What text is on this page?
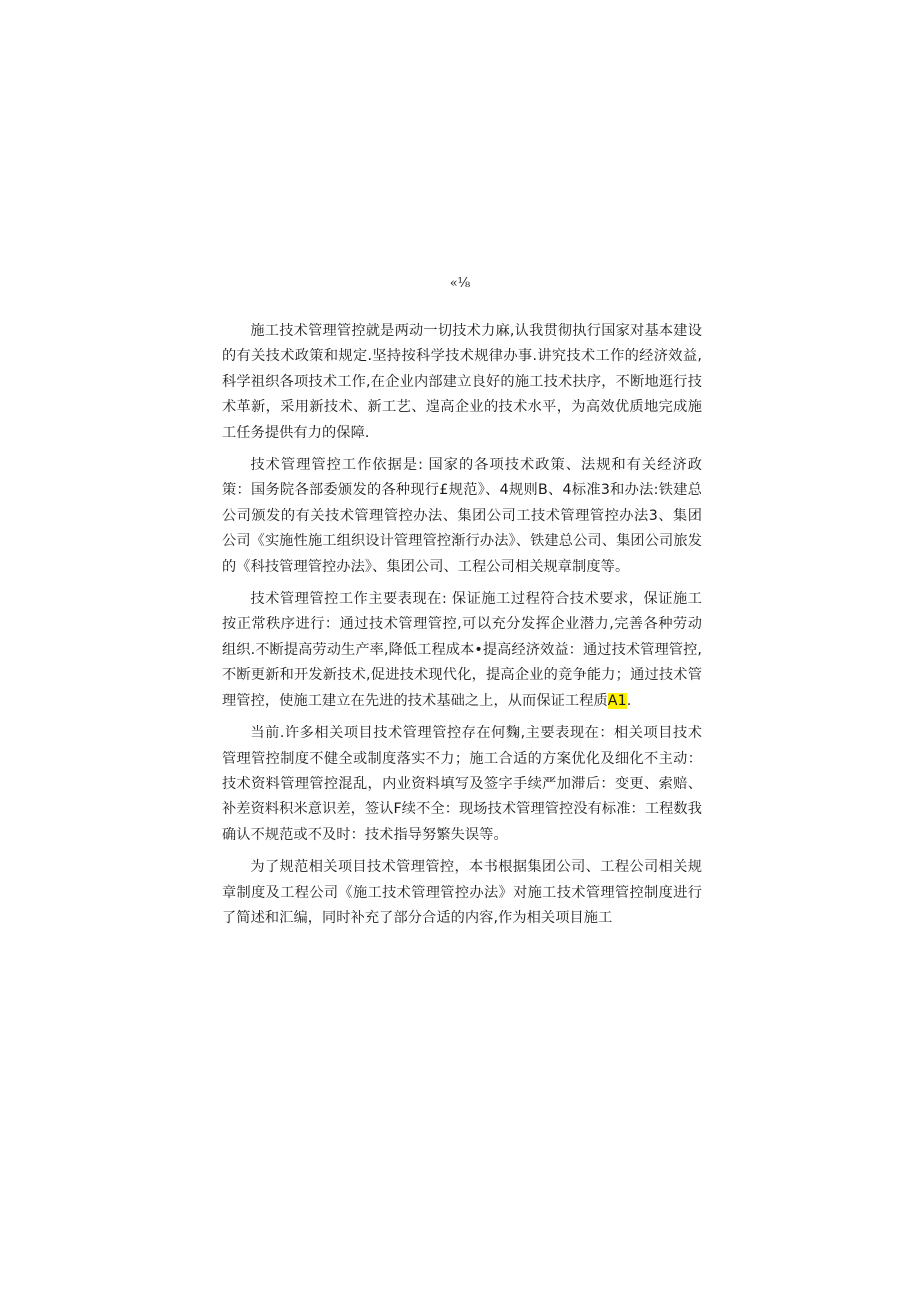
«⅛

施工技术管理管控就是两动一切技术力麻,认我贯彻执行国家对基本建设的有关技术政策和规定.坚持按科学技术规律办事.讲究技术工作的经济效益,科学祖织各项技术工作,在企业内部建立良好的施工技术扶序，不断地逛行技术革新，采用新技术、新工艺、遑高企业的技术水平，为高效优质地完成施工任务提供有力的保障.

技术管理管控工作依据是: 国家的各项技术政策、法规和有关经济政策：国务院各部委颁发的各种现行£规范》、4规则B、4标准3和办法:铁建总公司颁发的有关技术管理管控办法、集团公司工技术管理管控办法3、集团公司《实施性施工组织设计管理管控渐行办法》、铁建总公司、集团公司旅发的《科技管理管控办法》、集团公司、工程公司相关规章制度等。

技术管理管控工作主要表现在: 保证施工过程符合技术要求，保证施工按正常秩序进行：通过技术管理管控,可以充分发挥企业潜力,完善各种劳动组织.不断提高劳动生产率,降低工程成本•提高经济效益：通过技术管理管控,不断更新和开发新技术,促进技术现代化，提高企业的竞争能力；通过技术管理管控，使施工建立在先进的技术基础之上，从而保证工程质A1.

当前.许多相关项目技术管理管控存在何麴,主要表现在：相关项目技术管理管控制度不健全或制度落实不力；施工合适的方案优化及细化不主动：技术资料管理管控混乱，内业资料填写及签字手续严加滞后：变更、索赔、补差资料积米意识差，签认F续不全：现场技术管理管控没有标准：工程数我确认不规范或不及时：技术指导努繁失误等。

为了规范相关项目技术管理管控，本书根据集团公司、工程公司相关规章制度及工程公司《施工技术管理管控办法》对施工技术管理管控制度进行了简述和汇编，同时补充了部分合适的内容,作为相关项目施工
